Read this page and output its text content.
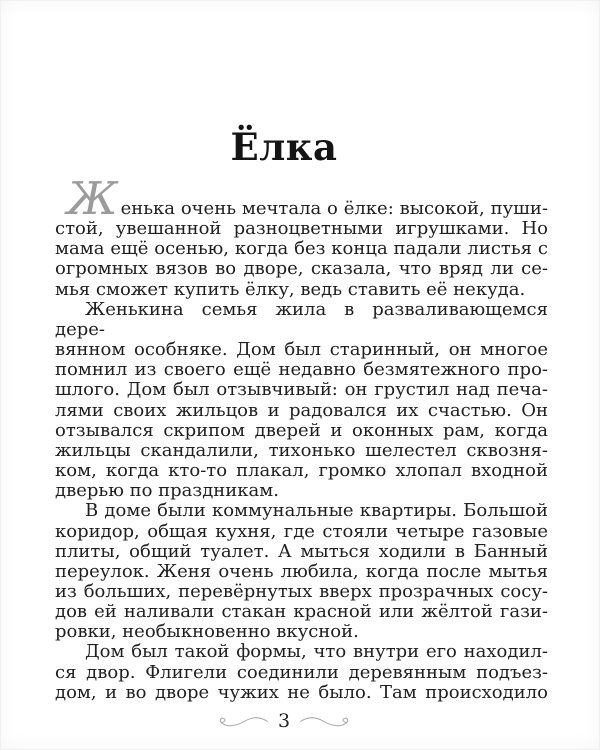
Ёлка
Женька очень мечтала о ёлке: высокой, пуши-
стой, увешанной разноцветными игрушками. Но
мама ещё осенью, когда без конца падали листья с
огромных вязов во дворе, сказала, что вряд ли се-
мья сможет купить ёлку, ведь ставить её некуда.
Женькина семья жила в разваливающемся дере-
вянном особняке. Дом был старинный, он многое
помнил из своего ещё недавно безмятежного про-
шлого. Дом был отзывчивый: он грустил над печа-
лями своих жильцов и радовался их счастью. Он
отзывался скрипом дверей и оконных рам, когда
жильцы скандалили, тихонько шелестел сквозня-
ком, когда кто-то плакал, громко хлопал входной
дверью по праздникам.
В доме были коммунальные квартиры. Большой
коридор, общая кухня, где стояли четыре газовые
плиты, общий туалет. А мыться ходили в Банный
переулок. Женя очень любила, когда после мытья
из больших, перевёрнутых вверх прозрачных сосу-
дов ей наливали стакан красной или жёлтой гази-
ровки, необыкновенно вкусной.
Дом был такой формы, что внутри его находил-
ся двор. Флигели соединили деревянным подъез-
дом, и во дворе чужих не было. Там происходило
3
